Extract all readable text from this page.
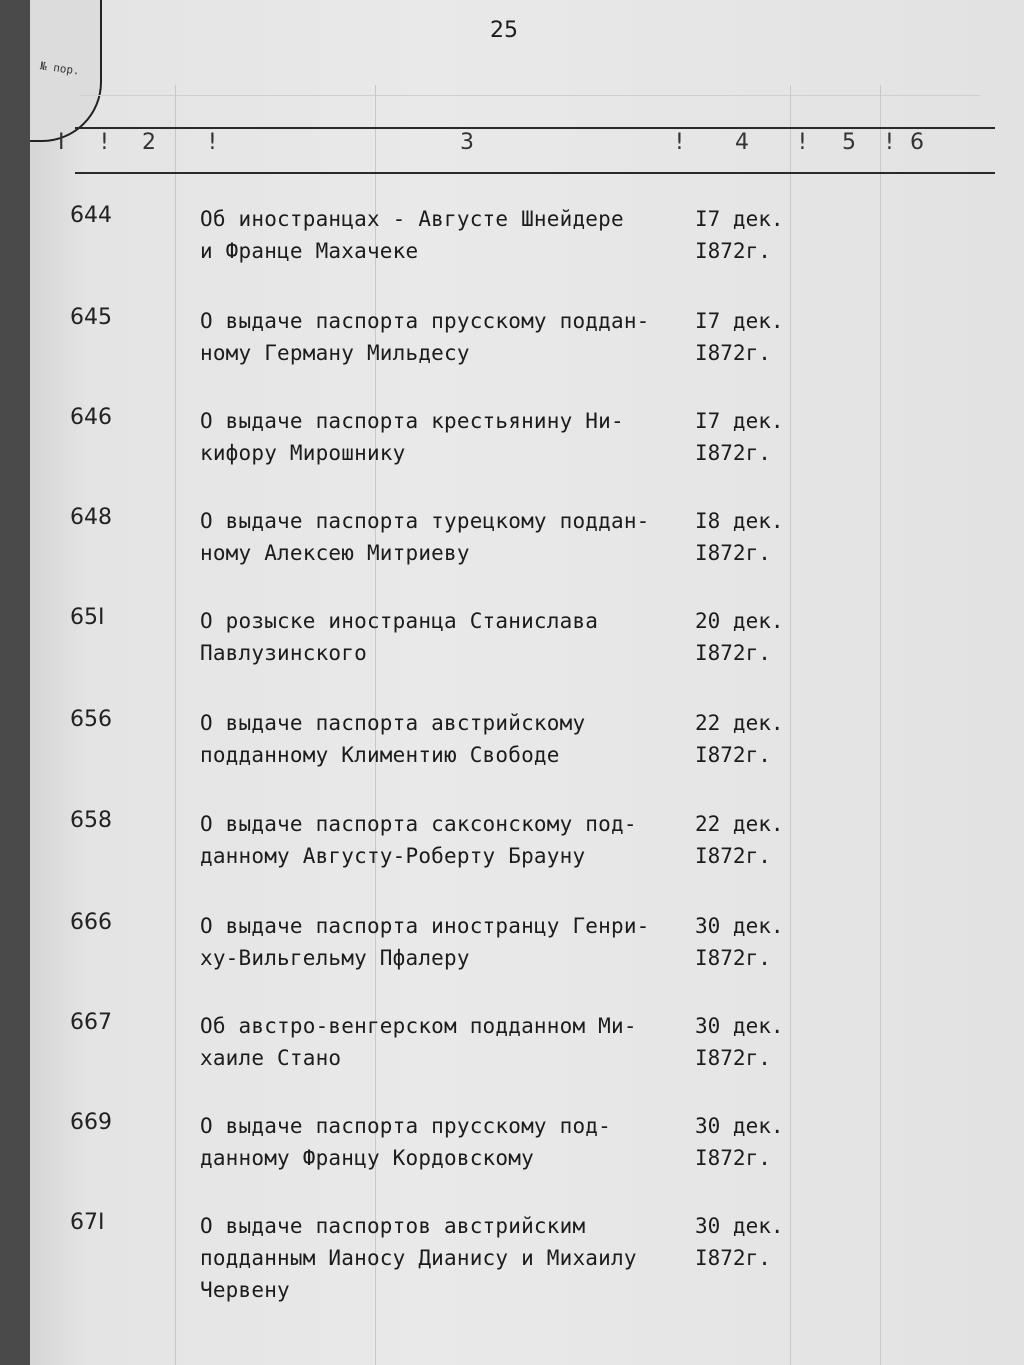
№ пор.
25
I ! 2 !	3	! 4 ! 5 ! 6
644	Об иностранцах - Августе Шнейдере
и Франце Махачеке
I7 дек.
I872г.
645	О выдаче паспорта прусскому поддан-
ному Герману Мильдесу
I7 дек.
I872г.
646	О выдаче паспорта крестьянину Ни-
кифору Мирошнику
I7 дек.
I872г.
648	О выдаче паспорта турецкому поддан-
ному Алексею Митриеву
I8 дек.
I872г.
65I	О розыске иностранца Станислава
Павлузинского
20 дек.
I872г.
656	О выдаче паспорта австрийскому
подданному Климентию Свободе
22 дек.
I872г.
658	О выдаче паспорта саксонскому под-
данному Августу-Роберту Брауну
22 дек.
I872г.
666	О выдаче паспорта иностранцу Генри-
ху-Вильгельму Пфалеру
30 дек.
I872г.
667	Об австро-венгерском подданном Ми-
хаиле Стано
30 дек.
I872г.
669	О выдаче паспорта прусскому под-
данному Францу Кордовскому
30 дек.
I872г.
67I	О выдаче паспортов австрийским
подданным Ианосу Дианису и Михаилу
Червену
30 дек.
I872г.
